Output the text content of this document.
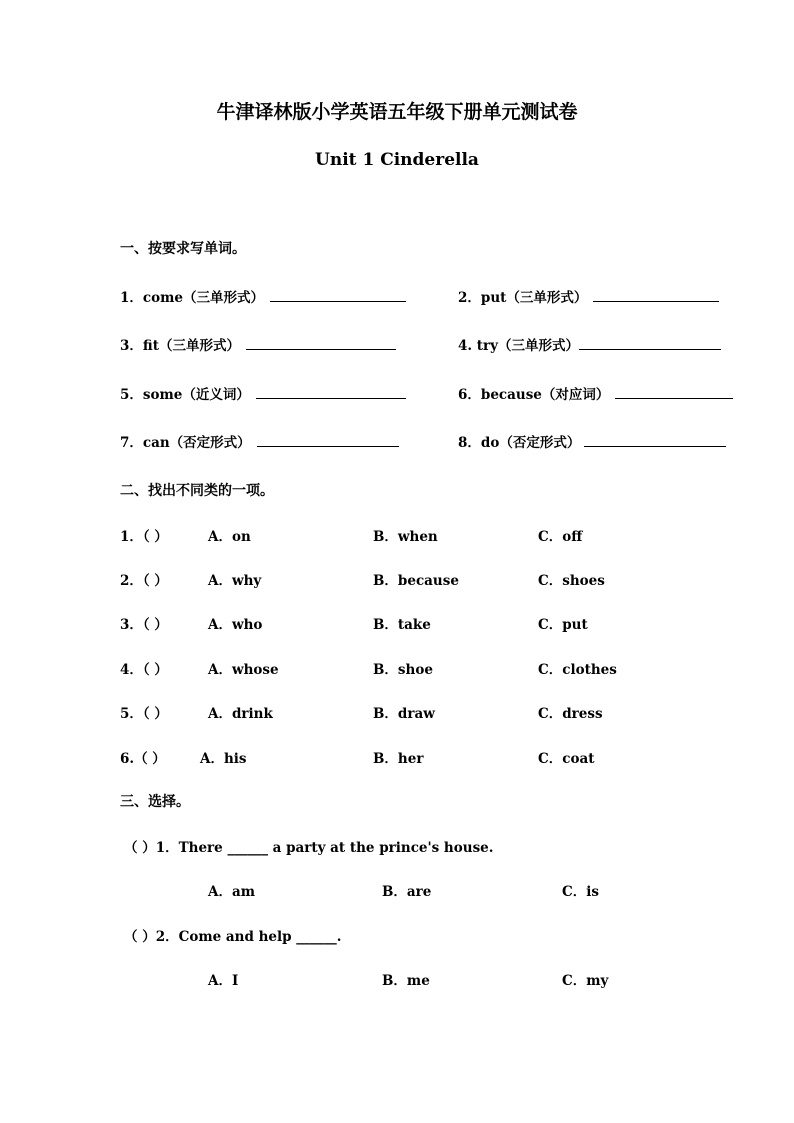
牛津译林版小学英语五年级下册单元测试卷
Unit 1 Cinderella
一、按要求写单词。
1．come（三单形式）	2．put（三单形式）
3．fit（三单形式）	4. try（三单形式）
5．some（近义词）	6．because（对应词）
7．can（否定形式）	8．do（否定形式）
二、找出不同类的一项。
1．（ ）	A．on	B．when	C．off
2．（ ）	A．why	B．because	C．shoes
3．（ ）	A．who	B．take	C．put
4．（ ）	A．whose	B．shoe	C．clothes
5．（ ）	A．drink	B．draw	C．dress
6.（ ）	A．his	B．her	C．coat
三、选择。
（ ）1．There ______ a party at the prince's house.
A．am	B．are	C．is
（ ）2．Come and help ______.
A．I	B．me	C．my
